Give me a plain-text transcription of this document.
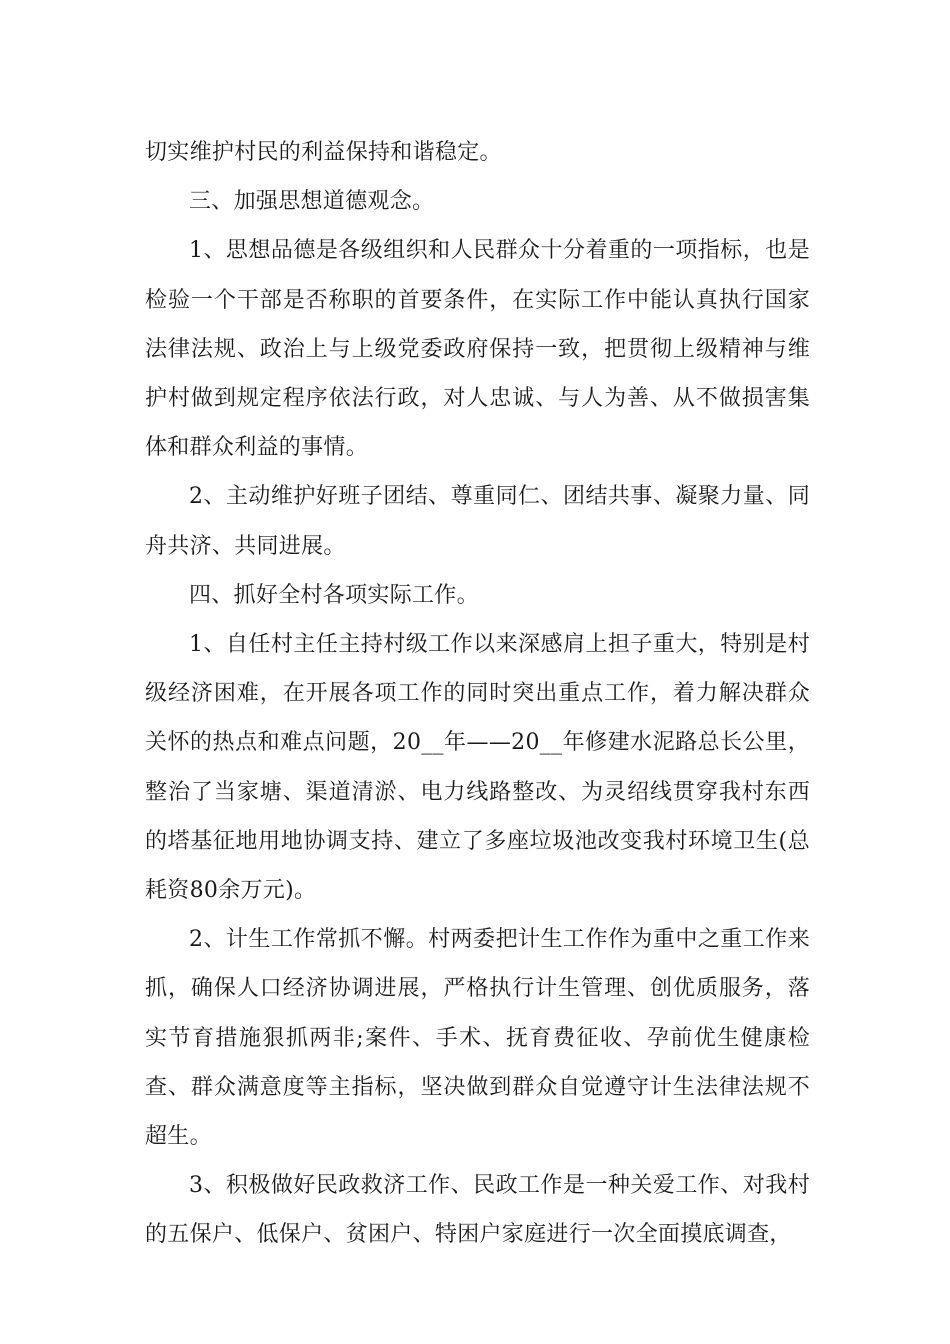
切实维护村民的利益保持和谐稳定。

三、加强思想道德观念。

1、思想品德是各级组织和人民群众十分着重的一项指标，也是检验一个干部是否称职的首要条件，在实际工作中能认真执行国家法律法规、政治上与上级党委政府保持一致，把贯彻上级精神与维护村做到规定程序依法行政，对人忠诚、与人为善、从不做损害集体和群众利益的事情。

2、主动维护好班子团结、尊重同仁、团结共事、凝聚力量、同舟共济、共同进展。

四、抓好全村各项实际工作。

1、自任村主任主持村级工作以来深感肩上担子重大，特别是村级经济困难，在开展各项工作的同时突出重点工作，着力解决群众关怀的热点和难点问题，20__年——20__年修建水泥路总长公里，整治了当家塘、渠道清淤、电力线路整改、为灵绍线贯穿我村东西的塔基征地用地协调支持、建立了多座垃圾池改变我村环境卫生(总耗资80余万元)。

2、计生工作常抓不懈。村两委把计生工作作为重中之重工作来抓，确保人口经济协调进展，严格执行计生管理、创优质服务，落实节育措施狠抓两非;案件、手术、抚育费征收、孕前优生健康检查、群众满意度等主指标，坚决做到群众自觉遵守计生法律法规不超生。

3、积极做好民政救济工作、民政工作是一种关爱工作、对我村的五保户、低保户、贫困户、特困户家庭进行一次全面摸底调查，
